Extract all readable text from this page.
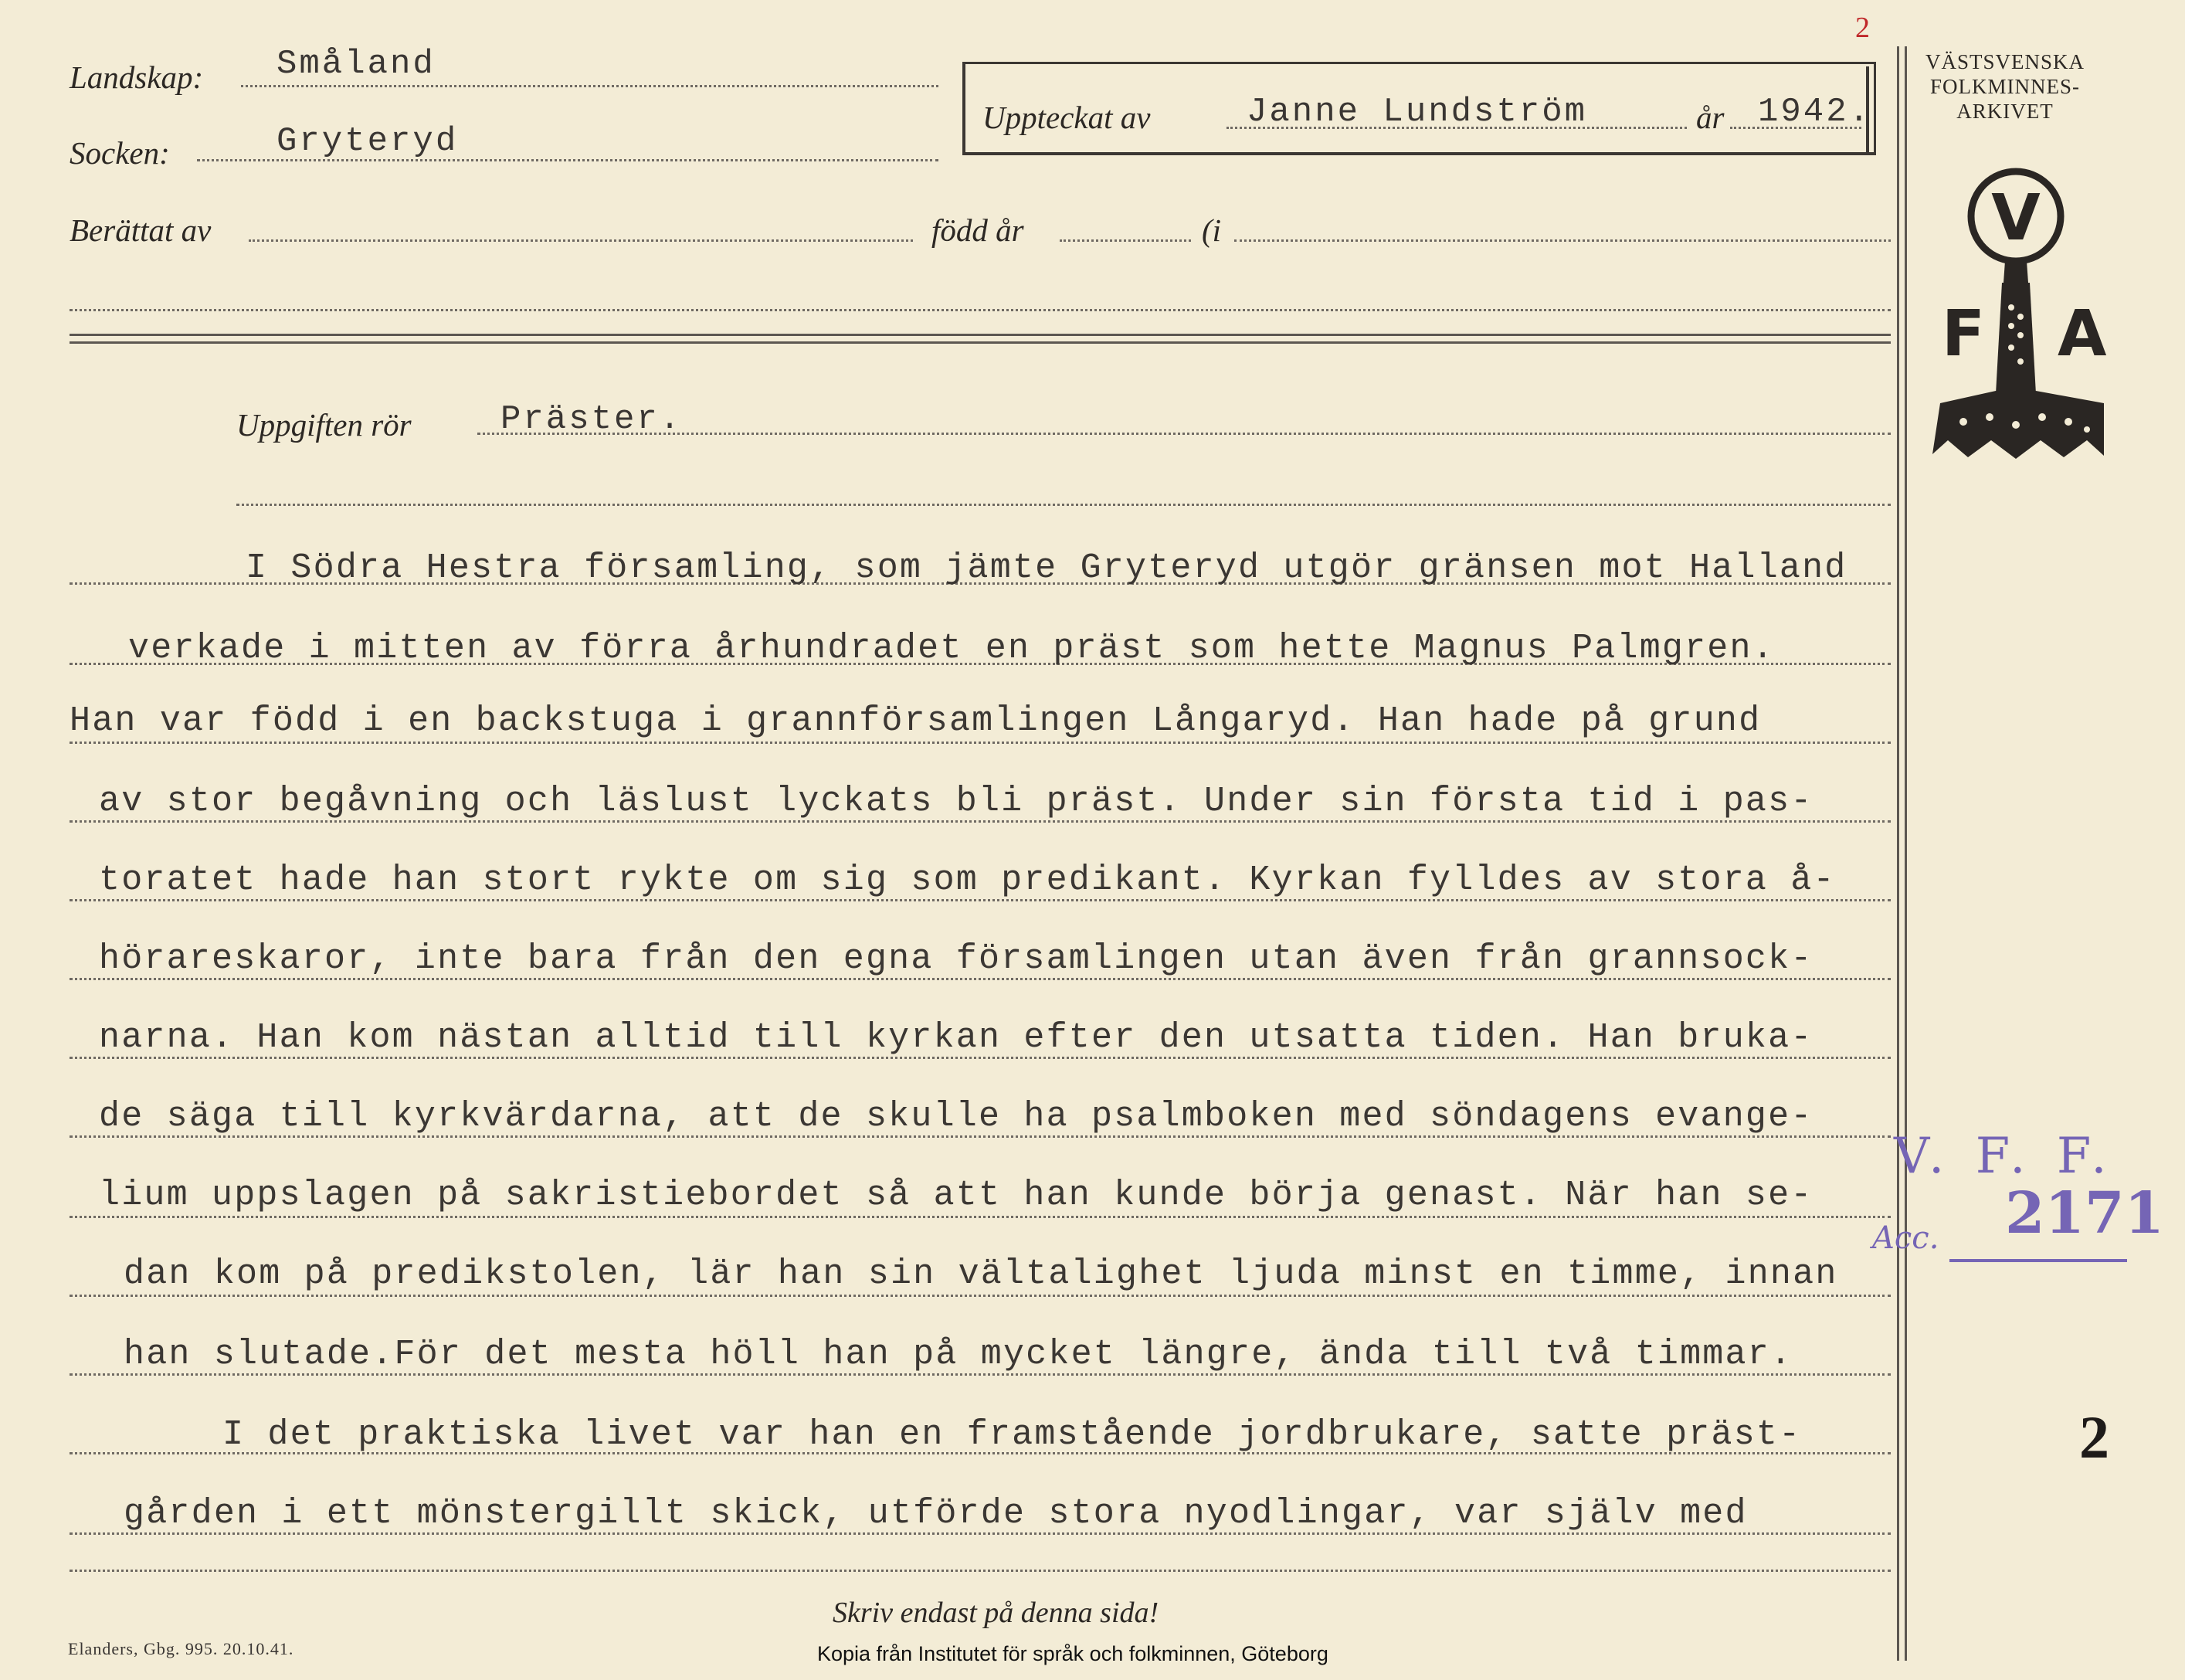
Landskap: Småland
Socken:	Gryteryd
Berättat av	född år	(i
Uppteckat av	Janne Lundström	år 1942.
2
Uppgiften rör	Präster.
I Södra Hestra församling, som jämte Gryteryd utgör gränsen mot Halland
verkade i mitten av förra århundradet en präst som hette Magnus Palmgren.
Han var född i en backstuga i grannförsamlingen Långaryd. Han hade på grund
av stor begåvning och läslust lyckats bli präst. Under sin första tid i pas-
toratet hade han stort rykte om sig som predikant. Kyrkan fylldes av stora å-
hörareskaror, inte bara från den egna församlingen utan även från grannsock-
narna. Han kom nästan alltid till kyrkan efter den utsatta tiden. Han bruka-
de säga till kyrkvärdarna, att de skulle ha psalmboken med söndagens evange-
lium uppslagen på sakristiebordet så att han kunde börja genast. När han se-
dan kom på predikstolen, lär han sin vältalighet ljuda minst en timme, innan
han slutade.För det mesta höll han på mycket längre, ända till två timmar.
I det praktiska livet var han en framstående jordbrukare, satte präst-
gården i ett mönstergillt skick, utförde stora nyodlingar, var själv med
VÄSTSVENSKA
FOLKMINNES-
ARKIVET
V
F A
V. F. F.
Acc. 2171
2
Skriv endast på denna sida!
Elanders, Gbg. 995. 20.10.41.	Kopia från Institutet för språk och folkminnen, Göteborg
